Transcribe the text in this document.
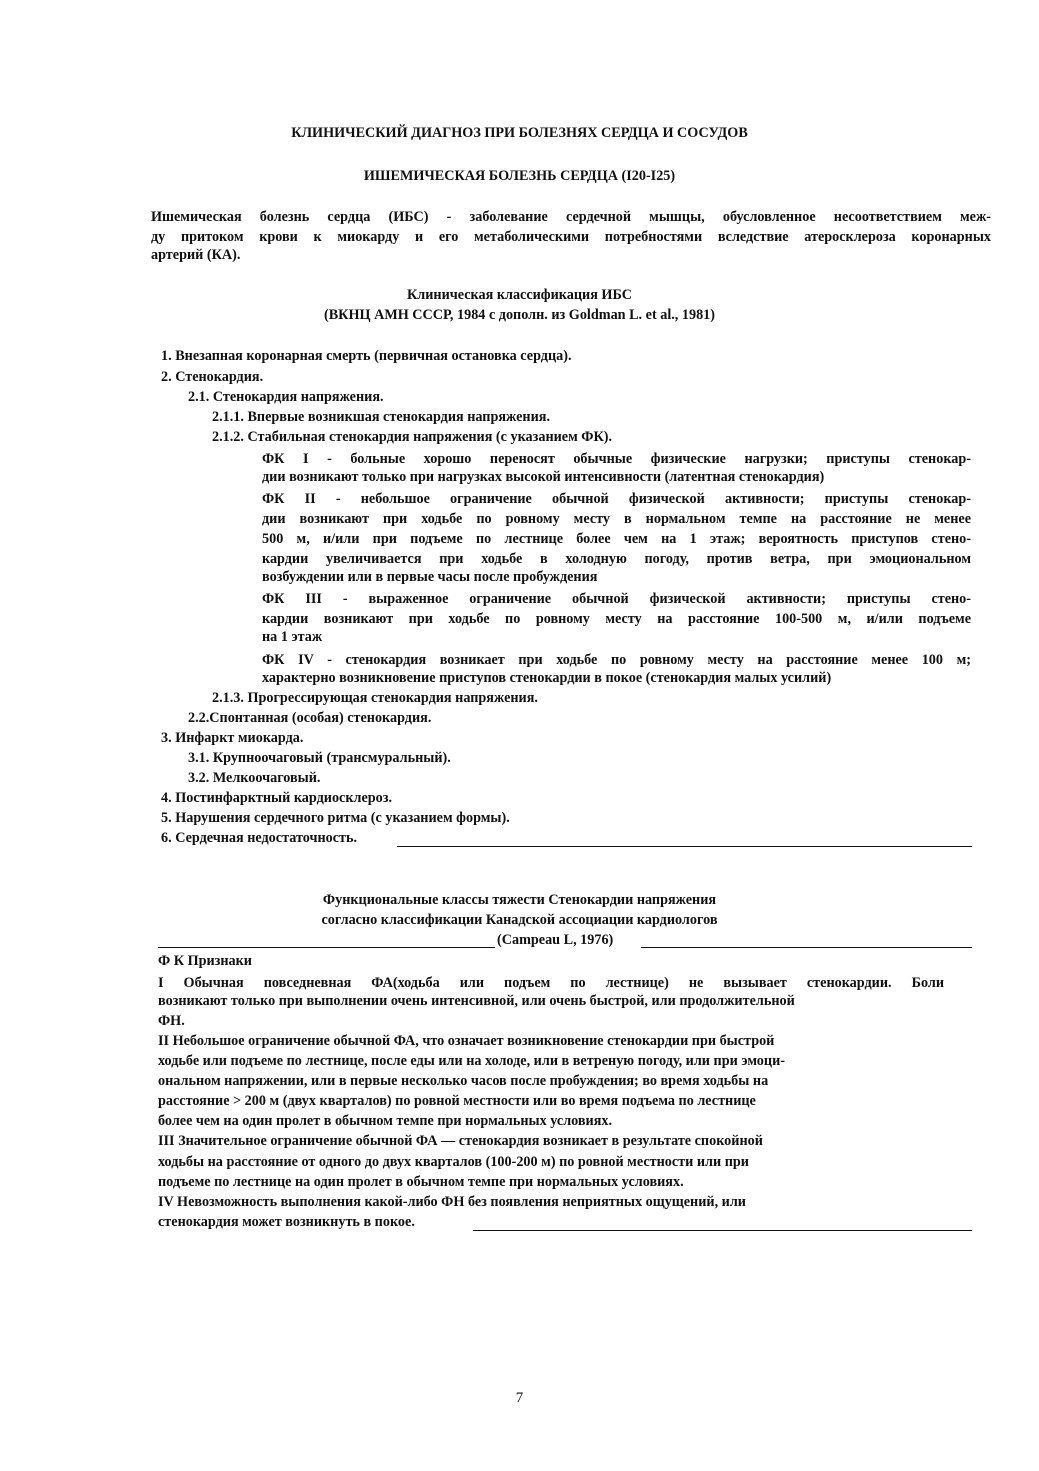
КЛИНИЧЕСКИЙ ДИАГНОЗ ПРИ БОЛЕЗНЯХ СЕРДЦА И СОСУДОВ
ИШЕМИЧЕСКАЯ БОЛЕЗНЬ СЕРДЦА (I20-I25)
Ишемическая болезнь сердца (ИБС) - заболевание сердечной мышцы, обусловленное несоответствием меж-
ду притоком крови к миокарду и его метаболическими потребностями вследствие атеросклероза коронарных
артерий (КА).
Клиническая классификация ИБС
(ВКНЦ АМН СССР, 1984 с дополн. из Goldman L. et al., 1981)
1. Внезапная коронарная смерть (первичная остановка сердца).
2. Стенокардия.
2.1. Стенокардия напряжения.
2.1.1. Впервые возникшая стенокардия напряжения.
2.1.2. Стабильная стенокардия напряжения (с указанием ФК).
ФК I - больные хорошо переносят обычные физические нагрузки; приступы стенокар-
дии возникают только при нагрузках высокой интенсивности (латентная стенокардия)
ФК II - небольшое ограничение обычной физической активности; приступы стенокар-
дии возникают при ходьбе по ровному месту в нормальном темпе на расстояние не менее
500 м, и/или при подъеме по лестнице более чем на 1 этаж; вероятность приступов стено-
кардии увеличивается при ходьбе в холодную погоду, против ветра, при эмоциональном
возбуждении или в первые часы после пробуждения
ФК III - выраженное ограничение обычной физической активности; приступы стено-
кардии возникают при ходьбе по ровному месту на расстояние 100-500 м, и/или подъеме
на 1 этаж
ФК IV - стенокардия возникает при ходьбе по ровному месту на расстояние менее 100 м;
характерно возникновение приступов стенокардии в покое (стенокардия малых усилий)
2.1.3. Прогрессирующая стенокардия напряжения.
2.2.Спонтанная (особая) стенокардия.
3. Инфаркт миокарда.
3.1. Крупноочаговый (трансмуральный).
3.2. Мелкоочаговый.
4. Постинфарктный кардиосклероз.
5. Нарушения сердечного ритма (с указанием формы).
6. Сердечная недостаточность.
Функциональные классы тяжести Стенокардии напряжения
согласно классификации Канадской ассоциации кардиологов
(Campeau L, 1976)
Ф К Признаки
I Обычная повседневная ФА(ходьба или подъем по лестнице) не вызывает стенокардии. Боли
возникают только при выполнении очень интенсивной, или очень быстрой, или продолжительной
ФН.
II Небольшое ограничение обычной ФА, что означает возникновение стенокардии при быстрой
ходьбе или подъеме по лестнице, после еды или на холоде, или в ветреную погоду, или при эмоци-
ональном напряжении, или в первые несколько часов после пробуждения; во время ходьбы на
расстояние > 200 м (двух кварталов) по ровной местности или во время подъема по лестнице
более чем на один пролет в обычном темпе при нормальных условиях.
III Значительное ограничение обычной ФА — стенокардия возникает в результате спокойной
ходьбы на расстояние от одного до двух кварталов (100-200 м) по ровной местности или при
подъеме по лестнице на один пролет в обычном темпе при нормальных условиях.
IV Невозможность выполнения какой-либо ФН без появления неприятных ощущений, или
стенокардия может возникнуть в покое.
7
